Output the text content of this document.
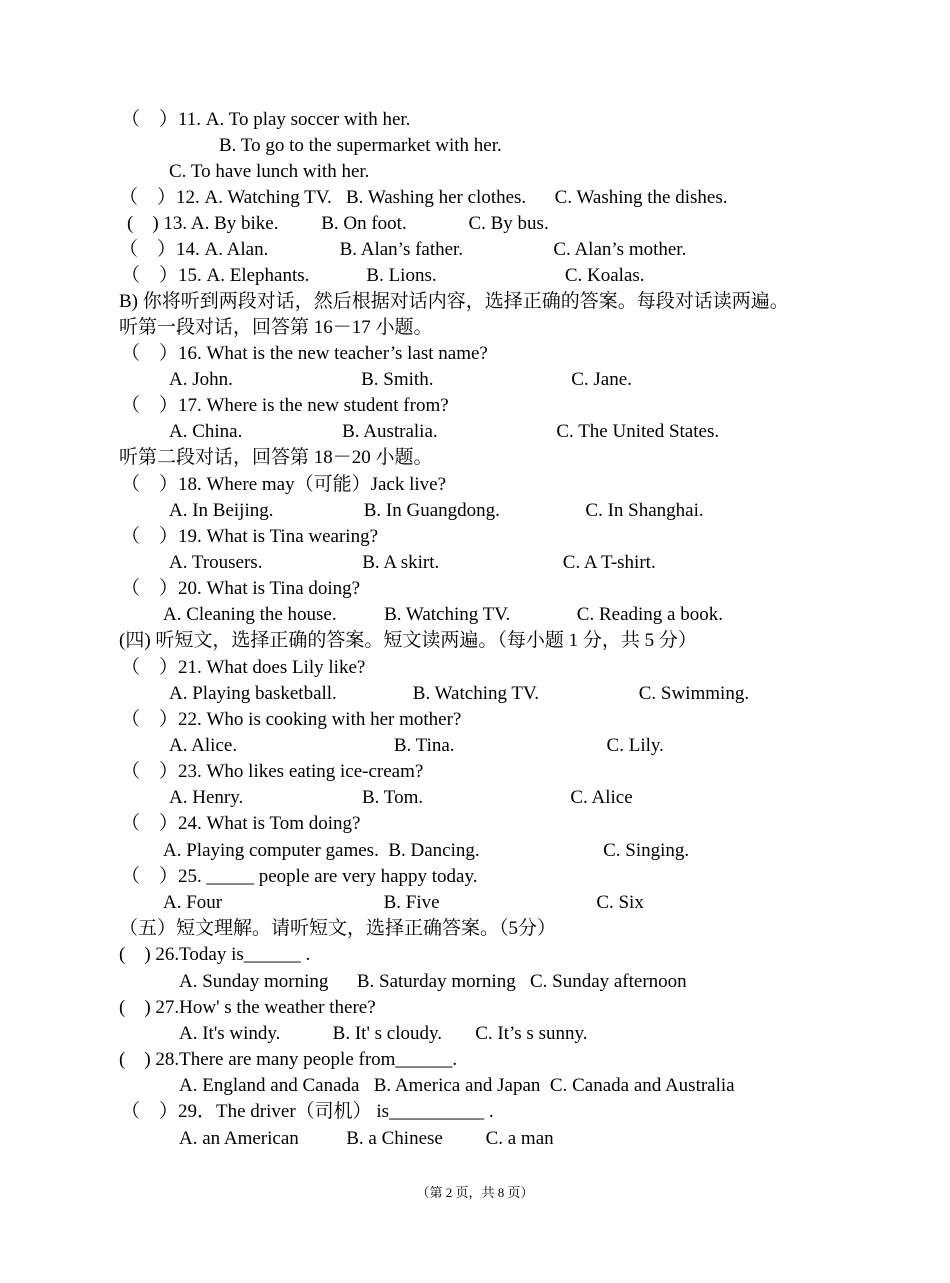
（    ）11. A. To play soccer with her.
B. To go to the supermarket with her.
C. To have lunch with her.
（    ）12. A. Watching TV.   B. Washing her clothes.      C. Washing the dishes.
(    ) 13. A. By bike.         B. On foot.             C. By bus.
（    ）14. A. Alan.               B. Alan’s father.                   C. Alan’s mother.
（    ）15. A. Elephants.            B. Lions.                           C. Koalas.
B) 你将听到两段对话，然后根据对话内容，选择正确的答案。每段对话读两遍。
听第一段对话，回答第 16－17 小题。
（    ）16. What is the new teacher’s last name?
A. John.                           B. Smith.                             C. Jane.
（    ）17. Where is the new student from?
A. China.                     B. Australia.                         C. The United States.
听第二段对话，回答第 18－20 小题。
（    ）18. Where may（可能）Jack live?
A. In Beijing.                   B. In Guangdong.                  C. In Shanghai.
（    ）19. What is Tina wearing?
A. Trousers.                     B. A skirt.                          C. A T-shirt.
（    ）20. What is Tina doing?
A. Cleaning the house.          B. Watching TV.              C. Reading a book.
(四) 听短文，选择正确的答案。短文读两遍。（每小题 1 分，共 5 分）
（    ）21. What does Lily like?
A. Playing basketball.                B. Watching TV.                     C. Swimming.
（    ）22. Who is cooking with her mother?
A. Alice.                                 B. Tina.                                C. Lily.
（    ）23. Who likes eating ice-cream?
A. Henry.                         B. Tom.                               C. Alice
（    ）24. What is Tom doing?
A. Playing computer games.  B. Dancing.                          C. Singing.
（    ）25. _____ people are very happy today.
A. Four                                  B. Five                                 C. Six
（五）短文理解。请听短文，选择正确答案。（5分）
(    ) 26.Today is______ .
A. Sunday morning      B. Saturday morning   C. Sunday afternoon
(    ) 27.How' s the weather there?
A. It's windy.           B. It' s cloudy.       C. It’s s sunny.
(    ) 28.There are many people from______.
A. England and Canada   B. America and Japan  C. Canada and Australia
（    ）29．The driver（司机） is__________ .
A. an American          B. a Chinese         C. a man
（第 2 页，共 8 页）
